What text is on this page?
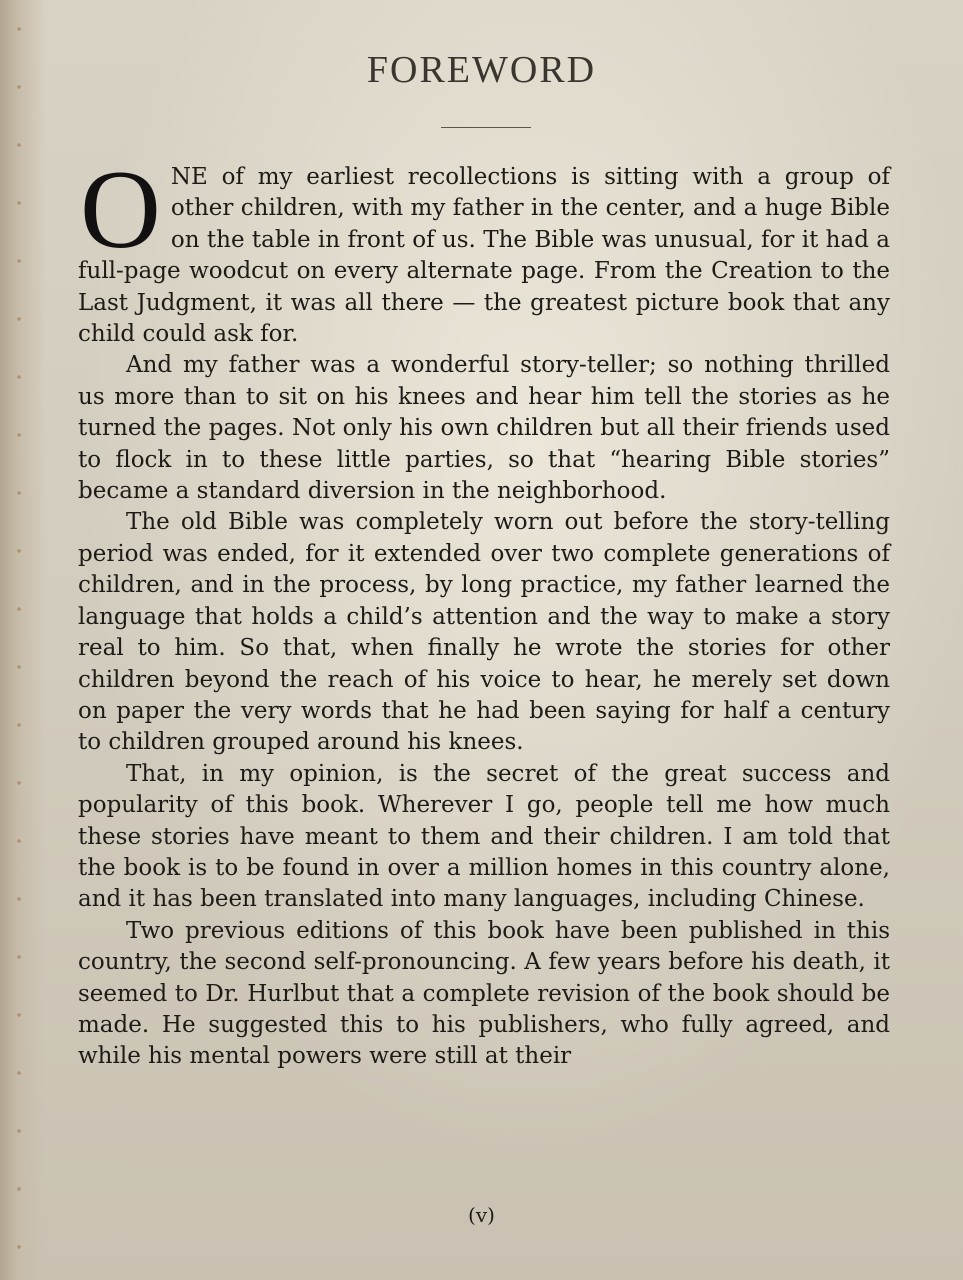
FOREWORD

ONE of my earliest recollections is sitting with a group of other children, with my father in the center, and a huge Bible on the table in front of us. The Bible was unusual, for it had a full-page woodcut on every alternate page. From the Creation to the Last Judgment, it was all there — the greatest picture book that any child could ask for.

And my father was a wonderful story-teller; so nothing thrilled us more than to sit on his knees and hear him tell the stories as he turned the pages. Not only his own children but all their friends used to flock in to these little parties, so that “hearing Bible stories” became a standard diversion in the neighborhood.

The old Bible was completely worn out before the story-telling period was ended, for it extended over two complete generations of children, and in the process, by long practice, my father learned the language that holds a child’s attention and the way to make a story real to him. So that, when finally he wrote the stories for other children beyond the reach of his voice to hear, he merely set down on paper the very words that he had been saying for half a century to children grouped around his knees.

That, in my opinion, is the secret of the great success and popularity of this book. Wherever I go, people tell me how much these stories have meant to them and their children. I am told that the book is to be found in over a million homes in this country alone, and it has been translated into many languages, including Chinese.

Two previous editions of this book have been published in this country, the second self-pronouncing. A few years before his death, it seemed to Dr. Hurlbut that a complete revision of the book should be made. He suggested this to his publishers, who fully agreed, and while his mental powers were still at their

(v)
